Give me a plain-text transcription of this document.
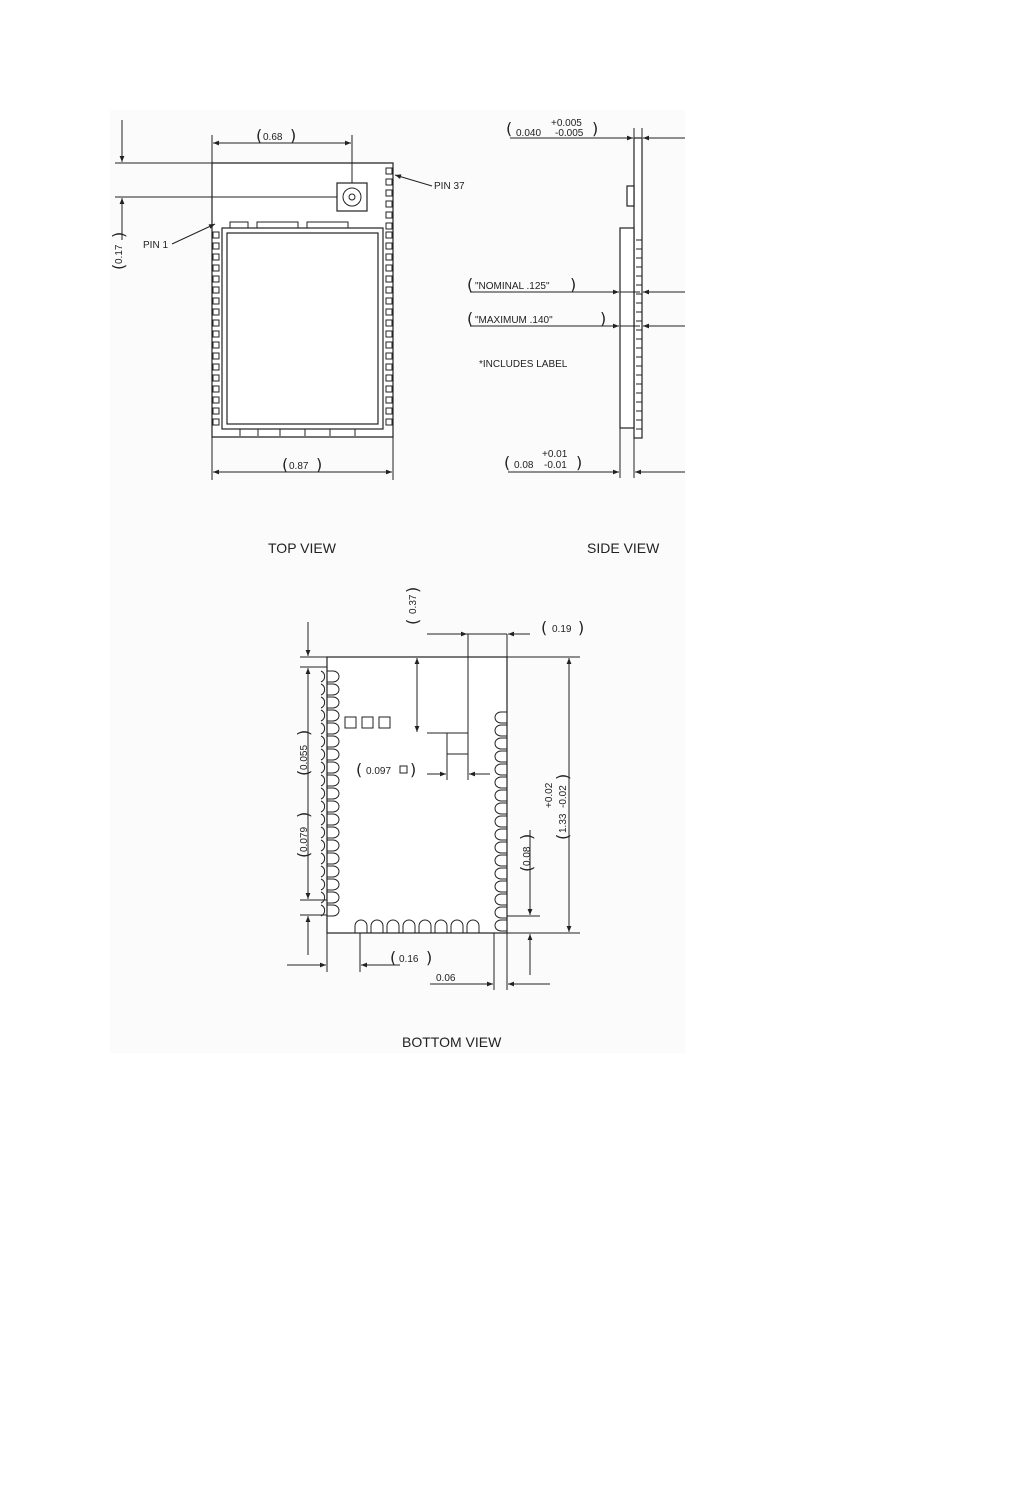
( )
0.68
0.17
(
)
( )
0.87
PIN 1
PIN 37
TOP VIEW
(	)
+0.005
0.040 -0.005
(	)
"NOMINAL .125"
(	)
"MAXIMUM .140"
*INCLUDES LABEL
(	)
+0.01
0.08 -0.01
SIDE VIEW
0.37
(
)
( )
0.19
0.055
(
)
0.079
(
)
(	)
0.097
0.08
(
)
+0.02
1.33
-0.02
(
)
( )
0.16
0.06
BOTTOM VIEW
